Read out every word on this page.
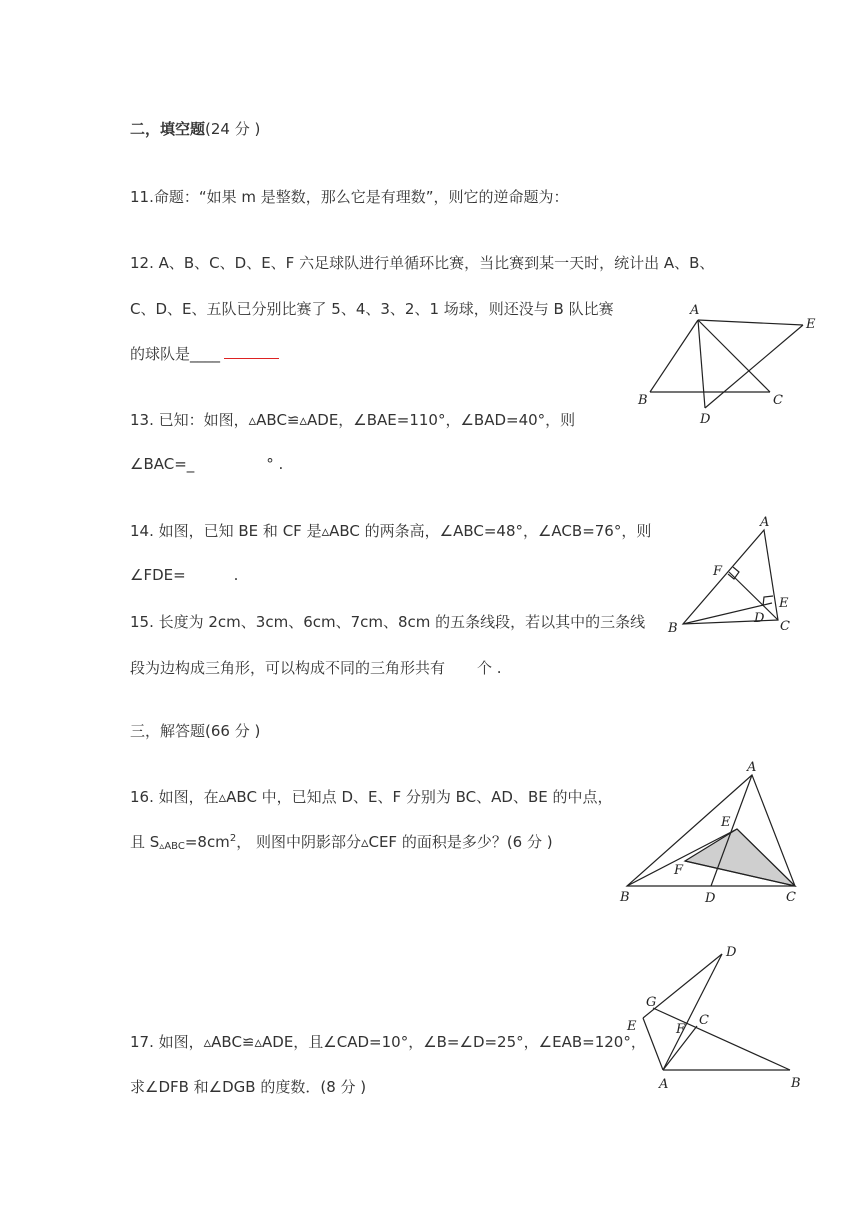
二，填空题(24 分 )
11.命题：“如果 m 是整数，那么它是有理数”，则它的逆命题为：
12. A、B、C、D、E、F 六足球队进行单循环比赛，当比赛到某一天时，统计出 A、B、
C、D、E、五队已分别比赛了 5、4、3、2、1 场球，则还没与 B 队比赛
的球队是____
13. 已知：如图，▵ABC≌▵ADE，∠BAE=110°，∠BAD=40°，则
∠BAC=_	° .
14. 如图，已知 BE 和 CF 是▵ABC 的两条高，∠ABC=48°，∠ACB=76°，则
∠FDE=	.
15. 长度为 2cm、3cm、6cm、7cm、8cm 的五条线段，若以其中的三条线
段为边构成三角形，可以构成不同的三角形共有 个 .
三，解答题(66 分 )
16. 如图，在▵ABC 中，已知点 D、E、F 分别为 BC、AD、BE 的中点，
且 $S_{▵ABC}=8cm^2$， 则图中阴影部分▵CEF 的面积是多少？(6 分 )
17. 如图，▵ABC≌▵ADE，且∠CAD=10°，∠B=∠D=25°，∠EAB=120°，
求∠DFB 和∠DGB 的度数．(8 分 )
A
B	C
D
E
A
B	C
D
E
F
A
B	C
D
E
F
D
G
E	F
C
A	B
